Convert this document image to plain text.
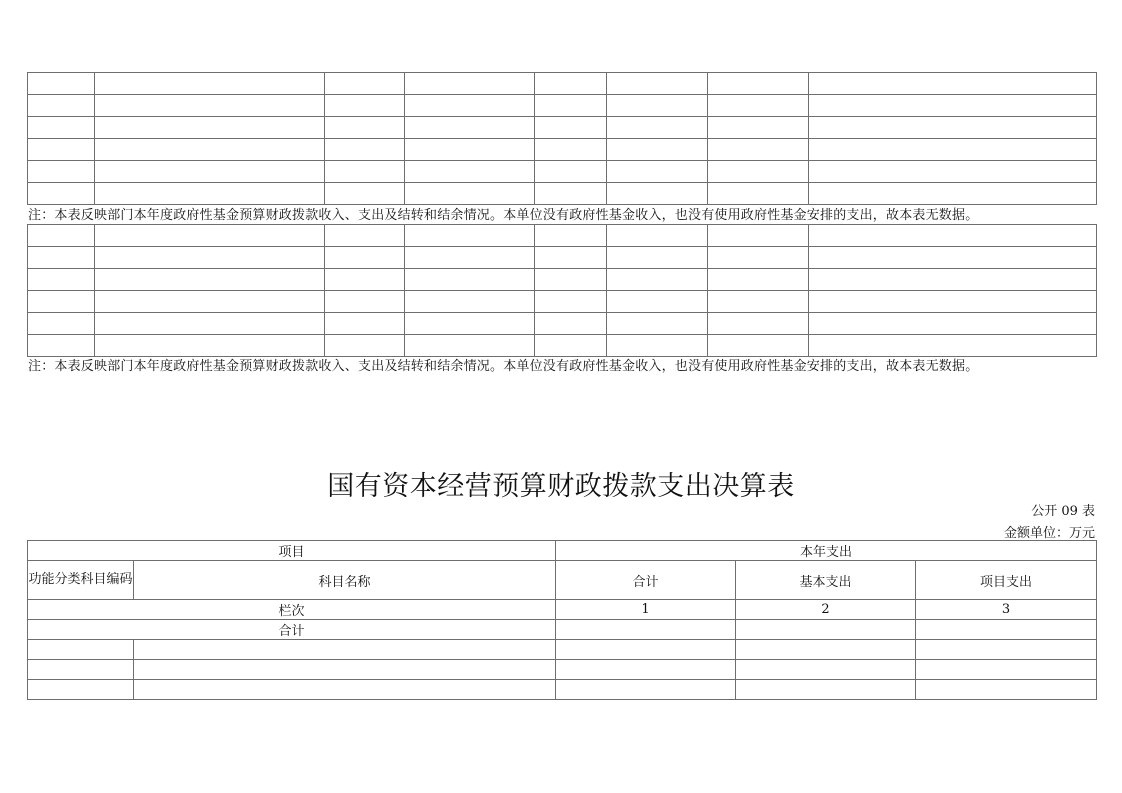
注：本表反映部门本年度政府性基金预算财政拨款收入、支出及结转和结余情况。本单位没有政府性基金收入，也没有使用政府性基金安排的支出，故本表无数据。

注：本表反映部门本年度政府性基金预算财政拨款收入、支出及结转和结余情况。本单位没有政府性基金收入，也没有使用政府性基金安排的支出，故本表无数据。
国有资本经营预算财政拨款支出决算表
公开 09 表
金额单位：万元
项目		本年支出		
功能分类科目编码	科目名称	合计	基本支出	项目支出
栏次		1	2	3
合计				
